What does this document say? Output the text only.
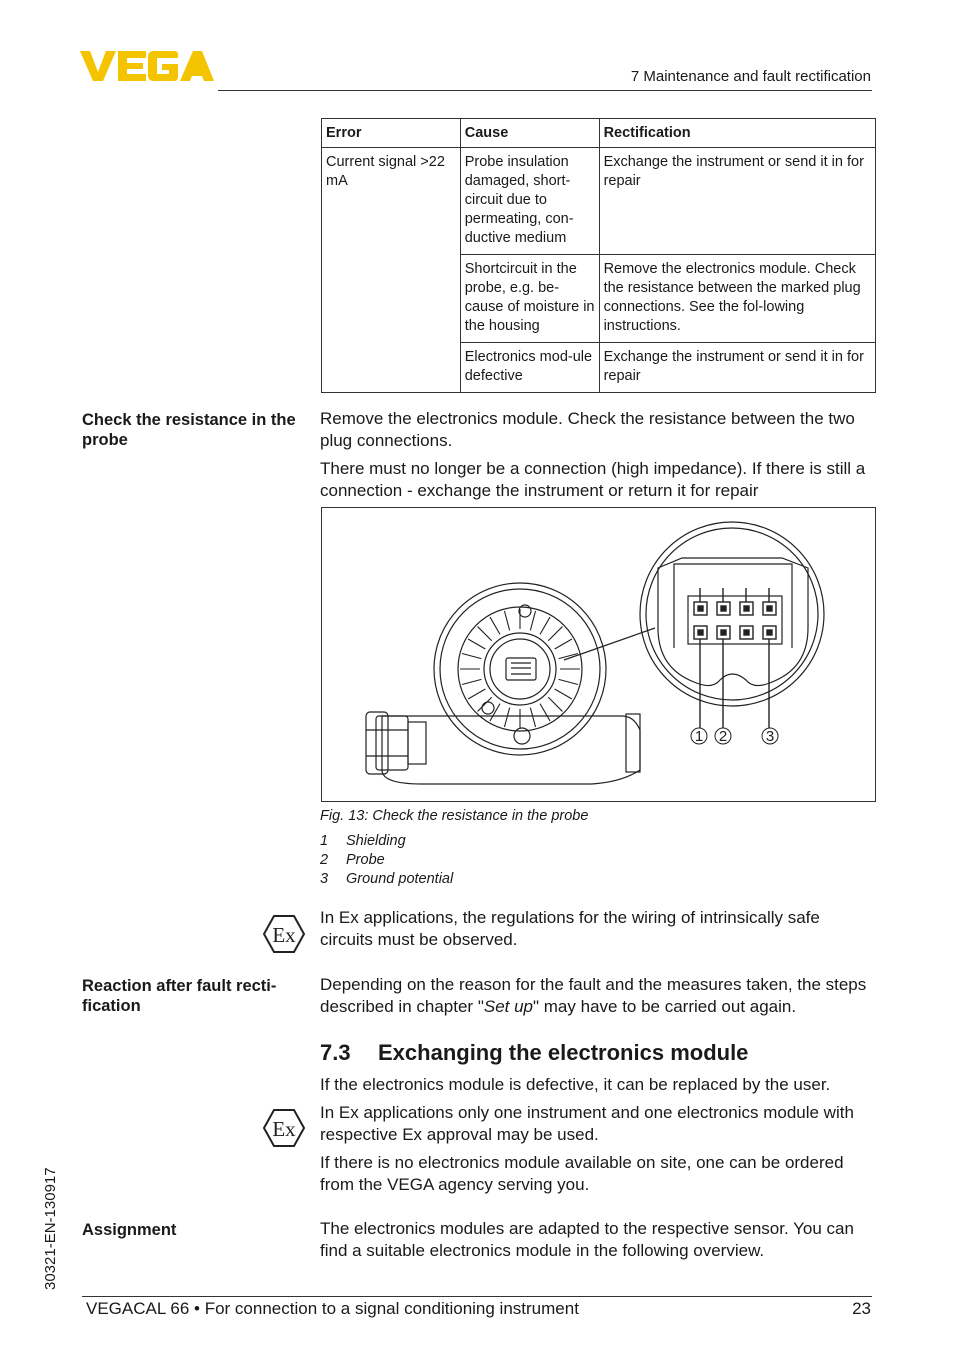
7 Maintenance and fault rectification
Error	Cause	Rectification
Current signal >22 mA	Probe insulation damaged, short-circuit due to permeating, con-ductive medium	Exchange the instrument or send it in for repair
	Shortcircuit in the probe, e.g. be-cause of moisture in the housing	Remove the electronics module. Check the resistance between the marked plug connections. See the fol-lowing instructions.
	Electronics mod-ule defective	Exchange the instrument or send it in for repair
Check the resistance in the probe
Remove the electronics module. Check the resistance between the two plug connections.
There must no longer be a connection (high impedance). If there is still a connection - exchange the instrument or return it for repair
1 2	3
Fig. 13: Check the resistance in the probe
1 Shielding
2 Probe
3 Ground potential
Ex
In Ex applications, the regulations for the wiring of intrinsically safe circuits must be observed.
Reaction after fault recti-fication
Depending on the reason for the fault and the measures taken, the steps described in chapter "Set up" may have to be carried out again.
7.3 Exchanging the electronics module
If the electronics module is defective, it can be replaced by the user.
Ex
In Ex applications only one instrument and one electronics module with respective Ex approval may be used.
If there is no electronics module available on site, one can be ordered from the VEGA agency serving you.
Assignment	The electronics modules are adapted to the respective sensor. You can find a suitable electronics module in the following overview.
30321-EN-130917
VEGACAL 66 • For connection to a signal conditioning instrument	23
